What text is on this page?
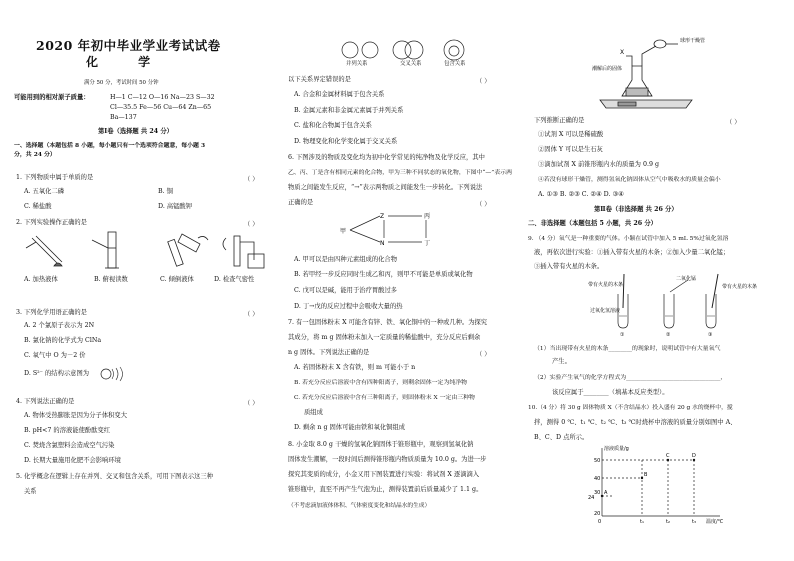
2020 年初中毕业学业考试试卷
化 学
满分 50 分，考试时间 50 分钟
可能用到的相对原子质量：	H—1 C—12 O—16 Na—23 S—32
Cl—35.5 Fe—56 Cu—64 Zn—65
Ba—137
第Ⅰ卷（选择题 共 24 分）
一、选择题（本题包括 8 小题，每小题只有一个选项符合题意，每小题 3
分，共 24 分）
1. 下列物质中属于单质的是	（ ）
A. 五氧化二磷	B. 铜
C. 稀盐酸	D. 高锰酸钾
2. 下列实验操作正确的是	（ ）
A. 加热液体	B. 俯视读数	C. 倾倒液体	D. 检查气密性
3. 下列化学用语正确的是	（ ）
A. 2 个氯原子表示为 2N
B. 氯化钠的化学式为 ClNa
C. 氧气中 O 为－2 价
D. S²⁻ 的结构示意图为
4. 下列说法正确的是	（ ）
A. 物体受热膨胀是因为分子体积变大
B. pH<7 的溶液能使酚酞变红
C. 焚烧含氯塑料会造成空气污染
D. 长期大量施用化肥不会影响环境
5. 化学概念在逻辑上存在并列、交叉和包含关系，可用下图表示这三种
关系
并列关系	交叉关系	包含关系
以下关系界定错误的是	（ ）
A. 合金和金属材料属于包含关系
B. 金属元素和非金属元素属于并列关系
C. 盐和化合物属于包含关系
D. 物理变化和化学变化属于交叉关系
6. 下图涉及的物质及变化均为初中化学常见的纯净物及化学反应，其中
乙、丙、丁是含有相同元素的化合物，甲为三种不同状态的氧化物，下图中“—”表示两
物质之间能发生反应，“→”表示两物质之间能发生一步转化。下列说法
正确的是	（ ）
甲
Z
N
丙
丁
A. 甲可以是由四种元素组成的化合物
B. 若甲经一步反应同时生成乙和丙，则甲不可能是单质或氧化物
C. 戊可以是碱，能用于治疗胃酸过多
D. 丁→戊的反应过程中会吸收大量的热
7. 有一包固体粉末 X 可能含有锌、铁、氧化铜中的一种或几种。为探究
其成分，将 m g 固体粉末加入一定质量的稀盐酸中，充分反应后剩余
n g 固体。下列说法正确的是	（ ）
A. 若固体粉末 X 含有铁，则 m 可能小于 n
B. 若充分反应后溶液中含有四种阳离子，则剩余固体一定为纯净物
C. 若充分反应后溶液中含有三种阳离子，则固体粉末 X 一定由三种物
质组成
D. 剩余 n g 固体可能由铁和氧化铜组成
8. 小金取 8.0 g 干燥的氢氧化钠固体于锥形瓶中，观察到氢氧化钠
固体发生潮解，一段时间后测得锥形瓶内物质质量为 10.0 g。为进一步
探究其变质的成分，小金又用下图装置进行实验：将试剂 X 逐滴滴入
锥形瓶中，直至不再产生气泡为止，测得装置前后质量减少了 1.1 g。
（不考虑滴加液体体积、气体密度变化和结晶水的生成）
X
球形干燥管
潮解后的固体
下列推断正确的是	（ ）
①试剂 X 可以是稀硫酸
②固体 Y 可以是生石灰
③滴加试剂 X 前锥形瓶内水的质量为 0.9 g
④若没有球形干燥管，测得氢氧化钠固体从空气中吸收水的质量会偏小
A. ①③ B. ②③ C. ②④ D. ③④
第Ⅱ卷（非选择题 共 26 分）
二、非选择题（本题包括 5 小题，共 26 分）
9. （4 分）氧气是一种重要的气体。小颖在试管中加入 5 mL 5%过氧化氢溶
液，再依次进行实验：①插入带有火星的木条；②加入少量二氧化锰；
③插入带有火星的木条。
带有火星的木条
二氧化锰
带有火星的木条
过氧化氢溶液
①	②	③
（1）当出现带有火星的木条________的现象时，说明试管中有大量氧气
产生。
（2）实验产生氧气的化学方程式为________________________________，
该反应属于________（填基本反应类型）。
10.（4 分）将 30 g 固体物质 X（不含结晶水）投入盛有 20 g 水的烧杯中，搅
拌，测得 0 ℃、t₁ ℃、t₂ ℃、t₃ ℃时烧杯中溶液的质量分别如图中 A、
B、C、D 点所示。
溶液质量/g
温度/℃
50
40
30
24
20
0	t₁	t₂	t₃
A
B
C	D
